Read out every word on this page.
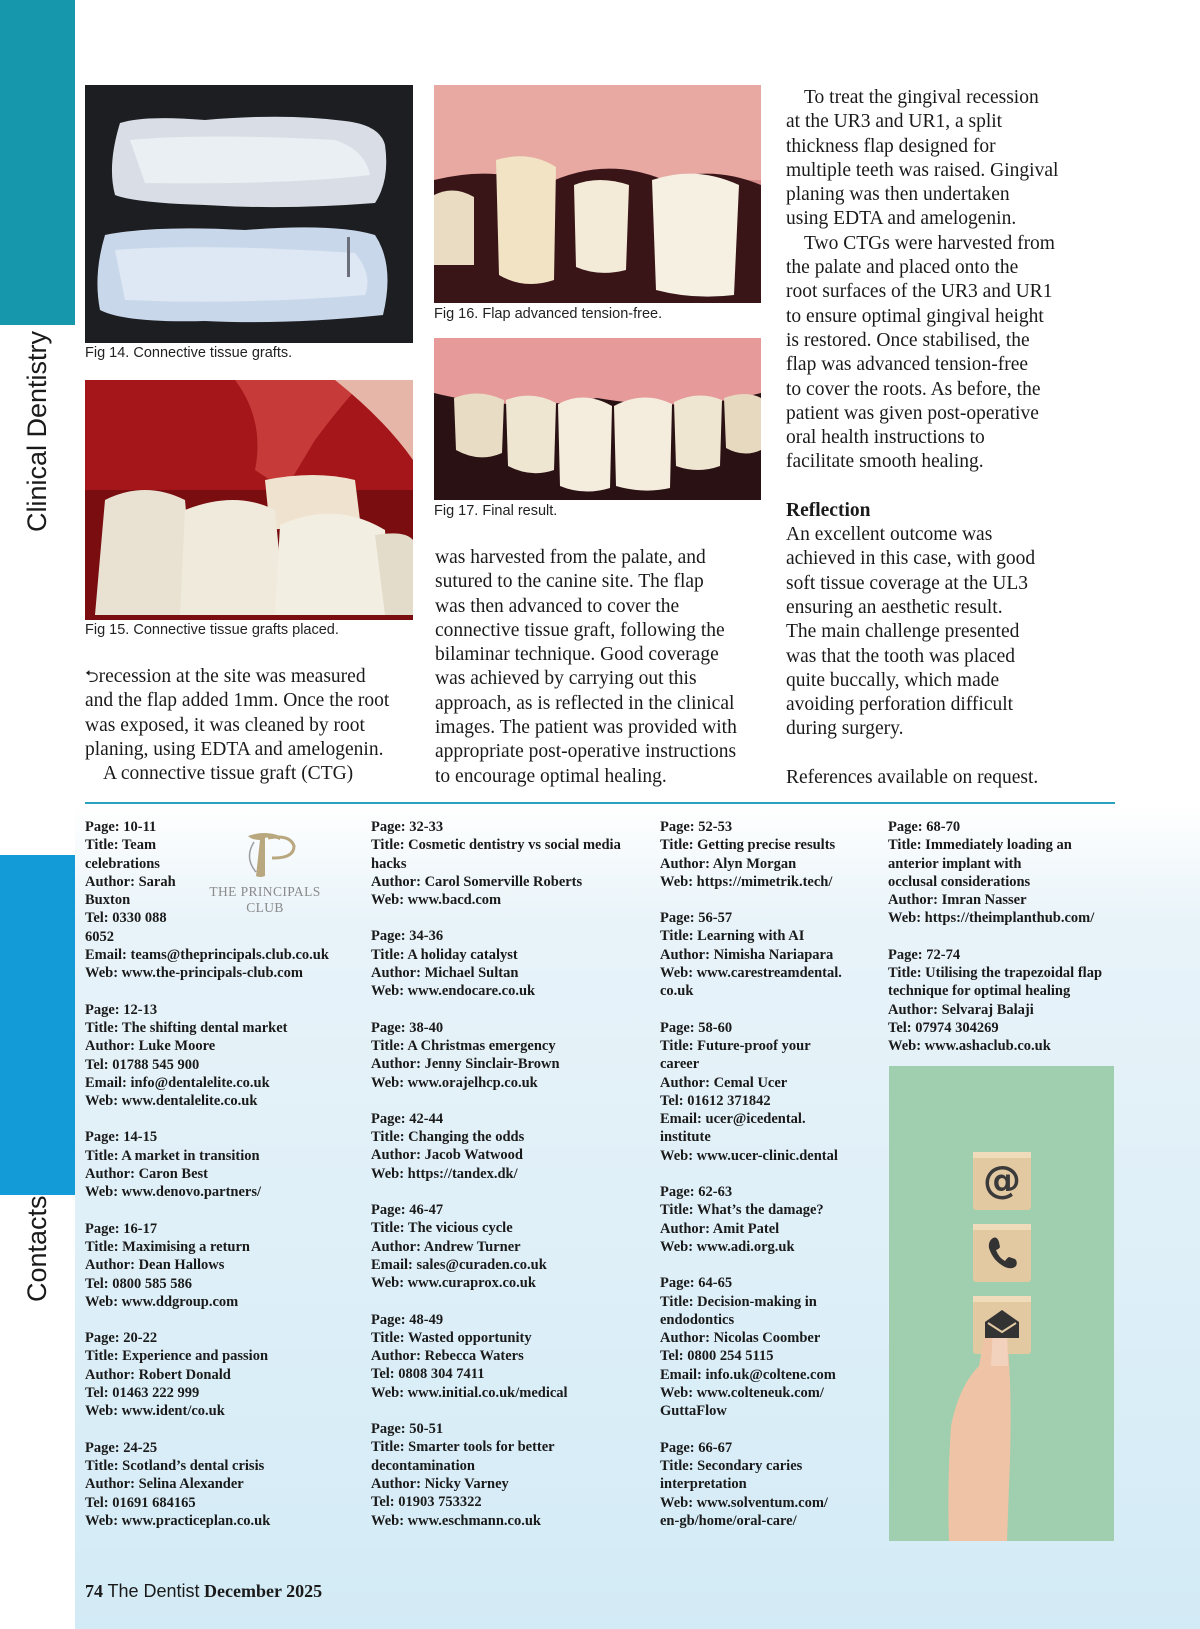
Clinical Dentistry
Contacts
Fig 14. Connective tissue grafts.
Fig 15. Connective tissue grafts placed.
Fig 16. Flap advanced tension-free.
Fig 17. Final result.
⮌recession at the site was measured
and the flap added 1mm. Once the root
was exposed, it was cleaned by root
planing, using EDTA and amelogenin.
A connective tissue graft (CTG)
was harvested from the palate, and
sutured to the canine site. The flap
was then advanced to cover the
connective tissue graft, following the
bilaminar technique. Good coverage
was achieved by carrying out this
approach, as is reflected in the clinical
images. The patient was provided with
appropriate post-operative instructions
to encourage optimal healing.
To treat the gingival recession
at the UR3 and UR1, a split
thickness flap designed for
multiple teeth was raised. Gingival
planing was then undertaken
using EDTA and amelogenin.
Two CTGs were harvested from
the palate and placed onto the
root surfaces of the UR3 and UR1
to ensure optimal gingival height
is restored. Once stabilised, the
flap was advanced tension-free
to cover the roots. As before, the
patient was given post-operative
oral health instructions to
facilitate smooth healing.
Reflection
An excellent outcome was
achieved in this case, with good
soft tissue coverage at the UL3
ensuring an aesthetic result.
The main challenge presented
was that the tooth was placed
quite buccally, which made
avoiding perforation difficult
during surgery.
References available on request.
THE PRINCIPALS CLUB
Page: 10-11
Title: Team
celebrations
Author: Sarah
Buxton
Tel: 0330 088
6052
Email: teams@theprincipals.club.co.uk
Web: www.the-principals-club.com
Page: 12-13
Title: The shifting dental market
Author: Luke Moore
Tel: 01788 545 900
Email: info@dentalelite.co.uk
Web: www.dentalelite.co.uk
Page: 14-15
Title: A market in transition
Author: Caron Best
Web: www.denovo.partners/
Page: 16-17
Title: Maximising a return
Author: Dean Hallows
Tel: 0800 585 586
Web: www.ddgroup.com
Page: 20-22
Title: Experience and passion
Author: Robert Donald
Tel: 01463 222 999
Web: www.ident/co.uk
Page: 24-25
Title: Scotland’s dental crisis
Author: Selina Alexander
Tel: 01691 684165
Web: www.practiceplan.co.uk
Page: 32-33
Title: Cosmetic dentistry vs social media
hacks
Author: Carol Somerville Roberts
Web: www.bacd.com
Page: 34-36
Title: A holiday catalyst
Author: Michael Sultan
Web: www.endocare.co.uk
Page: 38-40
Title: A Christmas emergency
Author: Jenny Sinclair-Brown
Web: www.orajelhcp.co.uk
Page: 42-44
Title: Changing the odds
Author: Jacob Watwood
Web: https://tandex.dk/
Page: 46-47
Title: The vicious cycle
Author: Andrew Turner
Email: sales@curaden.co.uk
Web: www.curaprox.co.uk
Page: 48-49
Title: Wasted opportunity
Author: Rebecca Waters
Tel: 0808 304 7411
Web: www.initial.co.uk/medical
Page: 50-51
Title: Smarter tools for better
decontamination
Author: Nicky Varney
Tel: 01903 753322
Web: www.eschmann.co.uk
Page: 52-53
Title: Getting precise results
Author: Alyn Morgan
Web: https://mimetrik.tech/
Page: 56-57
Title: Learning with AI
Author: Nimisha Nariapara
Web: www.carestreamdental.
co.uk
Page: 58-60
Title: Future-proof your
career
Author: Cemal Ucer
Tel: 01612 371842
Email: ucer@icedental.
institute
Web: www.ucer-clinic.dental
Page: 62-63
Title: What’s the damage?
Author: Amit Patel
Web: www.adi.org.uk
Page: 64-65
Title: Decision-making in
endodontics
Author: Nicolas Coomber
Tel: 0800 254 5115
Email: info.uk@coltene.com
Web: www.colteneuk.com/
GuttaFlow
Page: 66-67
Title: Secondary caries
interpretation
Web: www.solventum.com/
en-gb/home/oral-care/
Page: 68-70
Title: Immediately loading an
anterior implant with
occlusal considerations
Author: Imran Nasser
Web: https://theimplanthub.com/
Page: 72-74
Title: Utilising the trapezoidal flap
technique for optimal healing
Author: Selvaraj Balaji
Tel: 07974 304269
Web: www.ashaclub.co.uk
@
74 The Dentist December 2025
